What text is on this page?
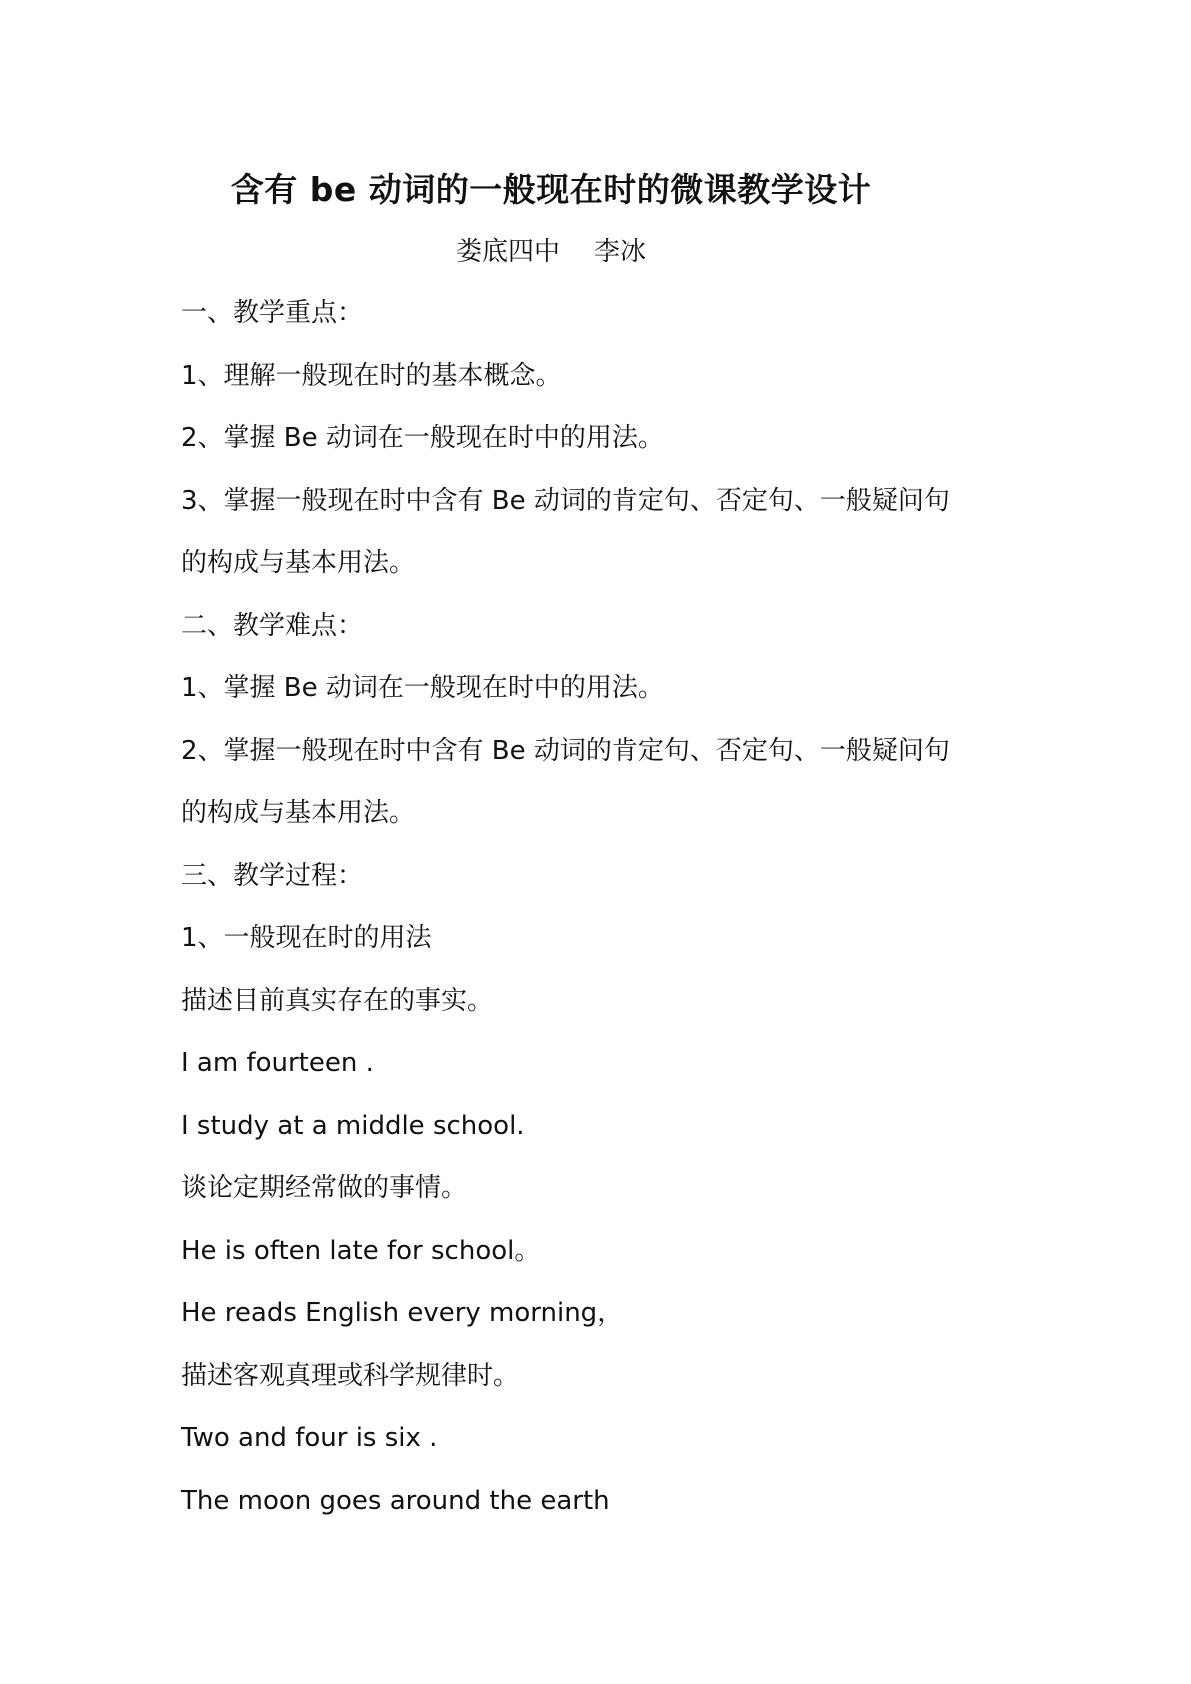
含有 be 动词的一般现在时的微课教学设计
娄底四中 李冰
一、教学重点：
1、理解一般现在时的基本概念。
2、掌握 Be 动词在一般现在时中的用法。
3、掌握一般现在时中含有 Be 动词的肯定句、否定句、一般疑问句
的构成与基本用法。
二、教学难点：
1、掌握 Be 动词在一般现在时中的用法。
2、掌握一般现在时中含有 Be 动词的肯定句、否定句、一般疑问句
的构成与基本用法。
三、教学过程：
1、一般现在时的用法
描述目前真实存在的事实。
I am fourteen .
I study at a middle school.
谈论定期经常做的事情。
He is often late for school。
He reads English every morning，
描述客观真理或科学规律时。
Two and four is six .
The moon goes around the earth
